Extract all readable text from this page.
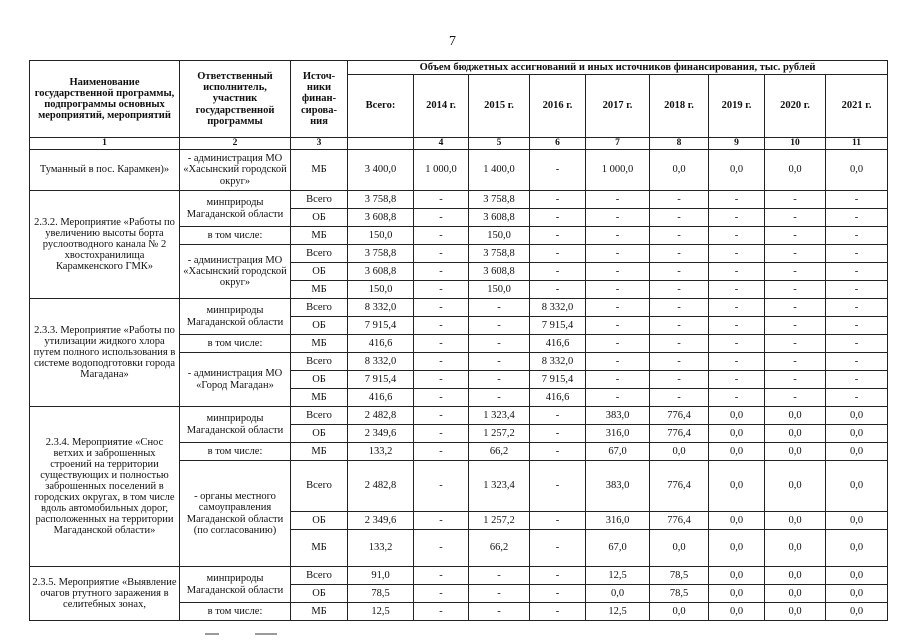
7
Наименование государственной программы, подпрограммы основных мероприятий, мероприятий	Ответственный исполнитель, участник государственной программы	Источ-ники финан-сирова-ния	Объем бюджетных ассигнований и иных источников финансирования, тыс. рублей								
			Всего:	2014 г.	2015 г.	2016 г.	2017 г.	2018 г.	2019 г.	2020 г.	2021 г.
1	2	3		4	5	6	7	8	9	10	11
Туманный в пос. Карамкен)»	- администрация МО «Хасынский городской округ»	МБ	3 400,0	1 000,0	1 400,0	-	1 000,0	0,0	0,0	0,0	0,0
2.3.2. Мероприятие «Работы по увеличению высоты борта руслоотводного канала № 2 хвостохранилища Карамкенского ГМК»	минприроды Магаданской области	Всего	3 758,8	-	3 758,8	-	-	-	-	-	-
		ОБ	3 608,8	-	3 608,8	-	-	-	-	-	-
	в том числе:	МБ	150,0	-	150,0	-	-	-	-	-	-
	- администрация МО «Хасынский городской округ»	Всего	3 758,8	-	3 758,8	-	-	-	-	-	-
		ОБ	3 608,8	-	3 608,8	-	-	-	-	-	-
		МБ	150,0	-	150,0	-	-	-	-	-	-
2.3.3. Мероприятие «Работы по утилизации жидкого хлора путем полного использования в системе водоподготовки города Магадана»	минприроды Магаданской области	Всего	8 332,0	-	-	8 332,0	-	-	-	-	-
		ОБ	7 915,4	-	-	7 915,4	-	-	-	-	-
	в том числе:	МБ	416,6	-	-	416,6	-	-	-	-	-
	- администрация МО «Город Магадан»	Всего	8 332,0	-	-	8 332,0	-	-	-	-	-
		ОБ	7 915,4	-	-	7 915,4	-	-	-	-	-
		МБ	416,6	-	-	416,6	-	-	-	-	-
2.3.4. Мероприятие «Снос ветхих и заброшенных строений на территории существующих и полностью заброшенных поселений в городских округах, в том числе вдоль автомобильных дорог, расположенных на территории Магаданской области»	минприроды Магаданской области	Всего	2 482,8	-	1 323,4	-	383,0	776,4	0,0	0,0	0,0
		ОБ	2 349,6	-	1 257,2	-	316,0	776,4	0,0	0,0	0,0
	в том числе:	МБ	133,2	-	66,2	-	67,0	0,0	0,0	0,0	0,0
	- органы местного самоуправления Магаданской области (по согласованию)	Всего	2 482,8	-	1 323,4	-	383,0	776,4	0,0	0,0	0,0
		ОБ	2 349,6	-	1 257,2	-	316,0	776,4	0,0	0,0	0,0
		МБ	133,2	-	66,2	-	67,0	0,0	0,0	0,0	0,0
2.3.5. Мероприятие «Выявление очагов ртутного заражения в селитебных зонах,	минприроды Магаданской области	Всего	91,0	-	-	-	12,5	78,5	0,0	0,0	0,0
		ОБ	78,5	-	-	-	0,0	78,5	0,0	0,0	0,0
	в том числе:	МБ	12,5	-	-	-	12,5	0,0	0,0	0,0	0,0
